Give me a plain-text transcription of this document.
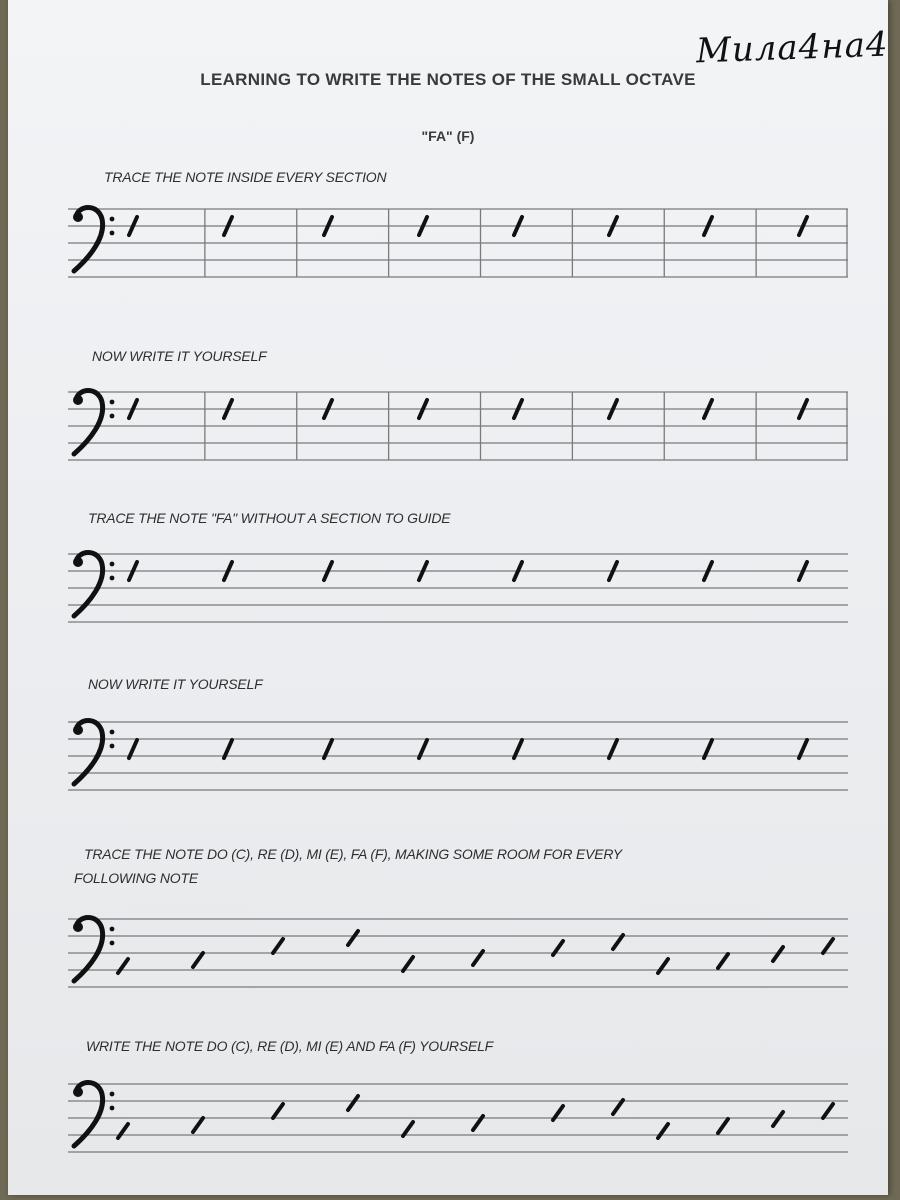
Mила4на4
LEARNING TO WRITE THE NOTES OF THE SMALL OCTAVE
"FA" (F)
TRACE THE NOTE INSIDE EVERY SECTION
NOW WRITE IT YOURSELF
TRACE THE NOTE "FA" WITHOUT A SECTION TO GUIDE
NOW WRITE IT YOURSELF
TRACE THE NOTE DO (C), RE (D), MI (E), FA (F), MAKING SOME ROOM FOR EVERY
FOLLOWING NOTE
WRITE THE NOTE DO (C), RE (D), MI (E) AND FA (F) YOURSELF
